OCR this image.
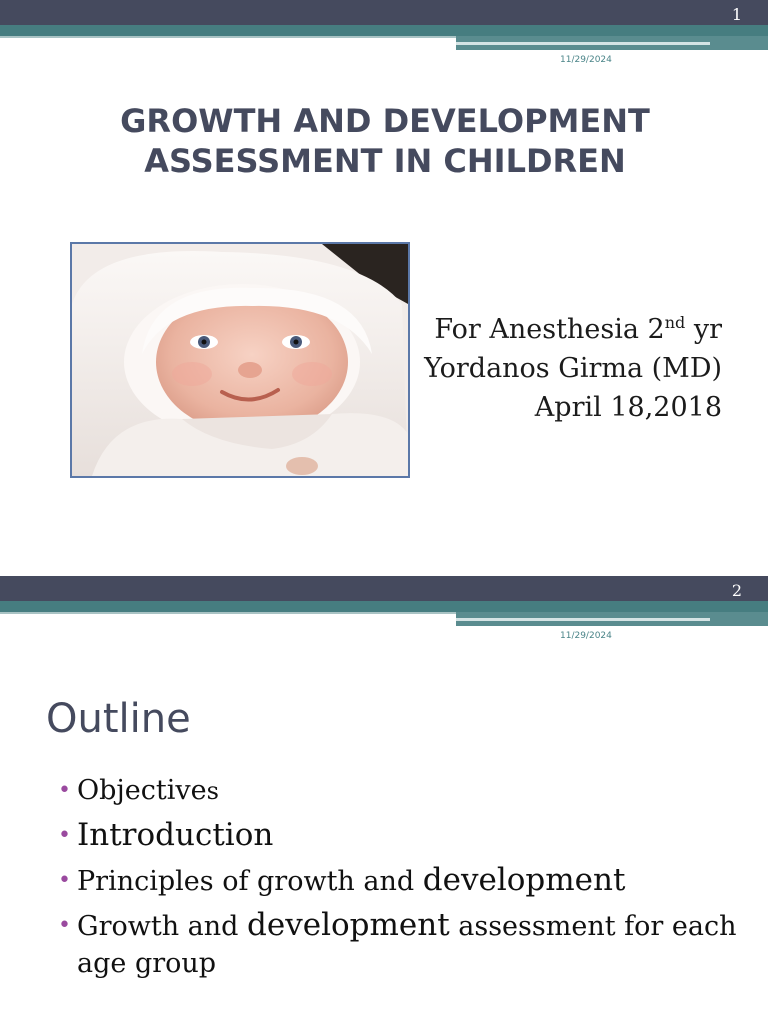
1
11/29/2024
GROWTH AND DEVELOPMENT
ASSESSMENT IN CHILDREN
For Anesthesia 2nd yr
Yordanos Girma (MD)
April 18,2018
2
11/29/2024
Outline
• Objectives
• Introduction
• Principles of growth and development
• Growth and development assessment for each age group
